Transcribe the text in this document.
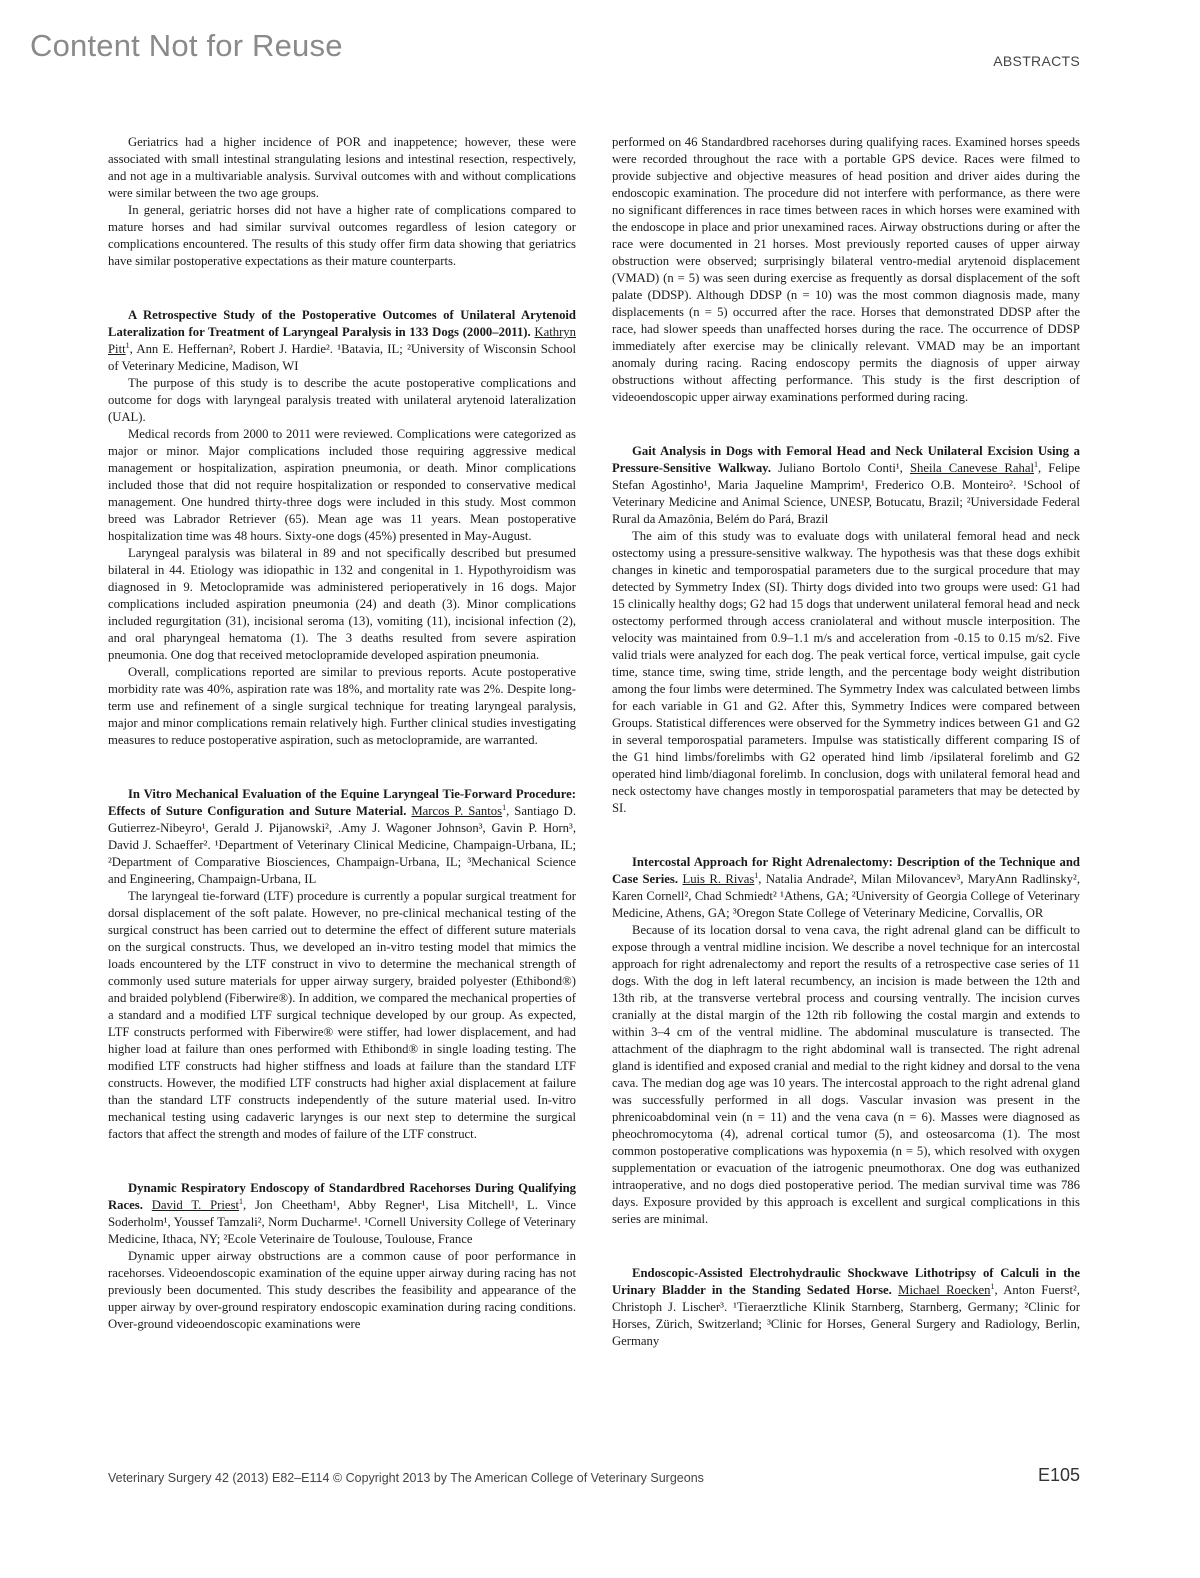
Content Not for Reuse	ABSTRACTS

Geriatrics had a higher incidence of POR and inappetence; however, these were associated with small intestinal strangulating lesions and intestinal resection, respectively, and not age in a multivariable analysis. Survival outcomes with and without complications were similar between the two age groups.

In general, geriatric horses did not have a higher rate of complications compared to mature horses and had similar survival outcomes regardless of lesion category or complications encountered. The results of this study offer firm data showing that geriatrics have similar postoperative expectations as their mature counterparts.

A Retrospective Study of the Postoperative Outcomes of Unilateral Arytenoid Lateralization for Treatment of Laryngeal Paralysis in 133 Dogs (2000–2011). Kathryn Pitt$^1$, Ann E. Heffernan², Robert J. Hardie². ¹Batavia, IL; ²University of Wisconsin School of Veterinary Medicine, Madison, WI

The purpose of this study is to describe the acute postoperative complications and outcome for dogs with laryngeal paralysis treated with unilateral arytenoid lateralization (UAL).

Medical records from 2000 to 2011 were reviewed. Complications were categorized as major or minor. Major complications included those requiring aggressive medical management or hospitalization, aspiration pneumonia, or death. Minor complications included those that did not require hospitalization or responded to conservative medical management. One hundred thirty-three dogs were included in this study. Most common breed was Labrador Retriever (65). Mean age was 11 years. Mean postoperative hospitalization time was 48 hours. Sixty-one dogs (45%) presented in May-August.

Laryngeal paralysis was bilateral in 89 and not specifically described but presumed bilateral in 44. Etiology was idiopathic in 132 and congenital in 1. Hypothyroidism was diagnosed in 9. Metoclopramide was administered perioperatively in 16 dogs. Major complications included aspiration pneumonia (24) and death (3). Minor complications included regurgitation (31), incisional seroma (13), vomiting (11), incisional infection (2), and oral pharyngeal hematoma (1). The 3 deaths resulted from severe aspiration pneumonia. One dog that received metoclopramide developed aspiration pneumonia.

Overall, complications reported are similar to previous reports. Acute postoperative morbidity rate was 40%, aspiration rate was 18%, and mortality rate was 2%. Despite long-term use and refinement of a single surgical technique for treating laryngeal paralysis, major and minor complications remain relatively high. Further clinical studies investigating measures to reduce postoperative aspiration, such as metoclopramide, are warranted.

In Vitro Mechanical Evaluation of the Equine Laryngeal Tie-Forward Procedure: Effects of Suture Configuration and Suture Material. Marcos P. Santos$^1$, Santiago D. Gutierrez-Nibeyro¹, Gerald J. Pijanowski², .Amy J. Wagoner Johnson³, Gavin P. Horn³, David J. Schaeffer². ¹Department of Veterinary Clinical Medicine, Champaign-Urbana, IL; ²Department of Comparative Biosciences, Champaign-Urbana, IL; ³Mechanical Science and Engineering, Champaign-Urbana, IL

The laryngeal tie-forward (LTF) procedure is currently a popular surgical treatment for dorsal displacement of the soft palate. However, no pre-clinical mechanical testing of the surgical construct has been carried out to determine the effect of different suture materials on the surgical constructs. Thus, we developed an in-vitro testing model that mimics the loads encountered by the LTF construct in vivo to determine the mechanical strength of commonly used suture materials for upper airway surgery, braided polyester (Ethibond®) and braided polyblend (Fiberwire®). In addition, we compared the mechanical properties of a standard and a modified LTF surgical technique developed by our group. As expected, LTF constructs performed with Fiberwire® were stiffer, had lower displacement, and had higher load at failure than ones performed with Ethibond® in single loading testing. The modified LTF constructs had higher stiffness and loads at failure than the standard LTF constructs. However, the modified LTF constructs had higher axial displacement at failure than the standard LTF constructs independently of the suture material used. In-vitro mechanical testing using cadaveric larynges is our next step to determine the surgical factors that affect the strength and modes of failure of the LTF construct.

Dynamic Respiratory Endoscopy of Standardbred Racehorses During Qualifying Races. David T. Priest$^1$, Jon Cheetham¹, Abby Regner¹, Lisa Mitchell¹, L. Vince Soderholm¹, Youssef Tamzali², Norm Ducharme¹. ¹Cornell University College of Veterinary Medicine, Ithaca, NY; ²Ecole Veterinaire de Toulouse, Toulouse, France

Dynamic upper airway obstructions are a common cause of poor performance in racehorses. Videoendoscopic examination of the equine upper airway during racing has not previously been documented. This study describes the feasibility and appearance of the upper airway by over-ground respiratory endoscopic examination during racing conditions. Over-ground videoendoscopic examinations were

performed on 46 Standardbred racehorses during qualifying races. Examined horses speeds were recorded throughout the race with a portable GPS device. Races were filmed to provide subjective and objective measures of head position and driver aides during the endoscopic examination. The procedure did not interfere with performance, as there were no significant differences in race times between races in which horses were examined with the endoscope in place and prior unexamined races. Airway obstructions during or after the race were documented in 21 horses. Most previously reported causes of upper airway obstruction were observed; surprisingly bilateral ventro-medial arytenoid displacement (VMAD) (n = 5) was seen during exercise as frequently as dorsal displacement of the soft palate (DDSP). Although DDSP (n = 10) was the most common diagnosis made, many displacements (n = 5) occurred after the race. Horses that demonstrated DDSP after the race, had slower speeds than unaffected horses during the race. The occurrence of DDSP immediately after exercise may be clinically relevant. VMAD may be an important anomaly during racing. Racing endoscopy permits the diagnosis of upper airway obstructions without affecting performance. This study is the first description of videoendoscopic upper airway examinations performed during racing.

Gait Analysis in Dogs with Femoral Head and Neck Unilateral Excision Using a Pressure-Sensitive Walkway. Juliano Bortolo Conti¹, Sheila Canevese Rahal$^1$, Felipe Stefan Agostinho¹, Maria Jaqueline Mamprim¹, Frederico O.B. Monteiro². ¹School of Veterinary Medicine and Animal Science, UNESP, Botucatu, Brazil; ²Universidade Federal Rural da Amazônia, Belém do Pará, Brazil

The aim of this study was to evaluate dogs with unilateral femoral head and neck ostectomy using a pressure-sensitive walkway. The hypothesis was that these dogs exhibit changes in kinetic and temporospatial parameters due to the surgical procedure that may detected by Symmetry Index (SI). Thirty dogs divided into two groups were used: G1 had 15 clinically healthy dogs; G2 had 15 dogs that underwent unilateral femoral head and neck ostectomy performed through access craniolateral and without muscle interposition. The velocity was maintained from 0.9–1.1 m/s and acceleration from -0.15 to 0.15 m/s2. Five valid trials were analyzed for each dog. The peak vertical force, vertical impulse, gait cycle time, stance time, swing time, stride length, and the percentage body weight distribution among the four limbs were determined. The Symmetry Index was calculated between limbs for each variable in G1 and G2. After this, Symmetry Indices were compared between Groups. Statistical differences were observed for the Symmetry indices between G1 and G2 in several temporospatial parameters. Impulse was statistically different comparing IS of the G1 hind limbs/forelimbs with G2 operated hind limb /ipsilateral forelimb and G2 operated hind limb/diagonal forelimb. In conclusion, dogs with unilateral femoral head and neck ostectomy have changes mostly in temporospatial parameters that may be detected by SI.

Intercostal Approach for Right Adrenalectomy: Description of the Technique and Case Series. Luis R. Rivas$^1$, Natalia Andrade², Milan Milovancev³, MaryAnn Radlinsky², Karen Cornell², Chad Schmiedt² ¹Athens, GA; ²University of Georgia College of Veterinary Medicine, Athens, GA; ³Oregon State College of Veterinary Medicine, Corvallis, OR

Because of its location dorsal to vena cava, the right adrenal gland can be difficult to expose through a ventral midline incision. We describe a novel technique for an intercostal approach for right adrenalectomy and report the results of a retrospective case series of 11 dogs. With the dog in left lateral recumbency, an incision is made between the 12th and 13th rib, at the transverse vertebral process and coursing ventrally. The incision curves cranially at the distal margin of the 12th rib following the costal margin and extends to within 3–4 cm of the ventral midline. The abdominal musculature is transected. The attachment of the diaphragm to the right abdominal wall is transected. The right adrenal gland is identified and exposed cranial and medial to the right kidney and dorsal to the vena cava. The median dog age was 10 years. The intercostal approach to the right adrenal gland was successfully performed in all dogs. Vascular invasion was present in the phrenicoabdominal vein (n = 11) and the vena cava (n = 6). Masses were diagnosed as pheochromocytoma (4), adrenal cortical tumor (5), and osteosarcoma (1). The most common postoperative complications was hypoxemia (n = 5), which resolved with oxygen supplementation or evacuation of the iatrogenic pneumothorax. One dog was euthanized intraoperative, and no dogs died postoperative period. The median survival time was 786 days. Exposure provided by this approach is excellent and surgical complications in this series are minimal.

Endoscopic-Assisted Electrohydraulic Shockwave Lithotripsy of Calculi in the Urinary Bladder in the Standing Sedated Horse. Michael Roecken$^1$, Anton Fuerst², Christoph J. Lischer³. ¹Tieraerztliche Klinik Starnberg, Starnberg, Germany; ²Clinic for Horses, Zürich, Switzerland; ³Clinic for Horses, General Surgery and Radiology, Berlin, Germany

Veterinary Surgery 42 (2013) E82–E114 © Copyright 2013 by The American College of Veterinary Surgeons	E105
